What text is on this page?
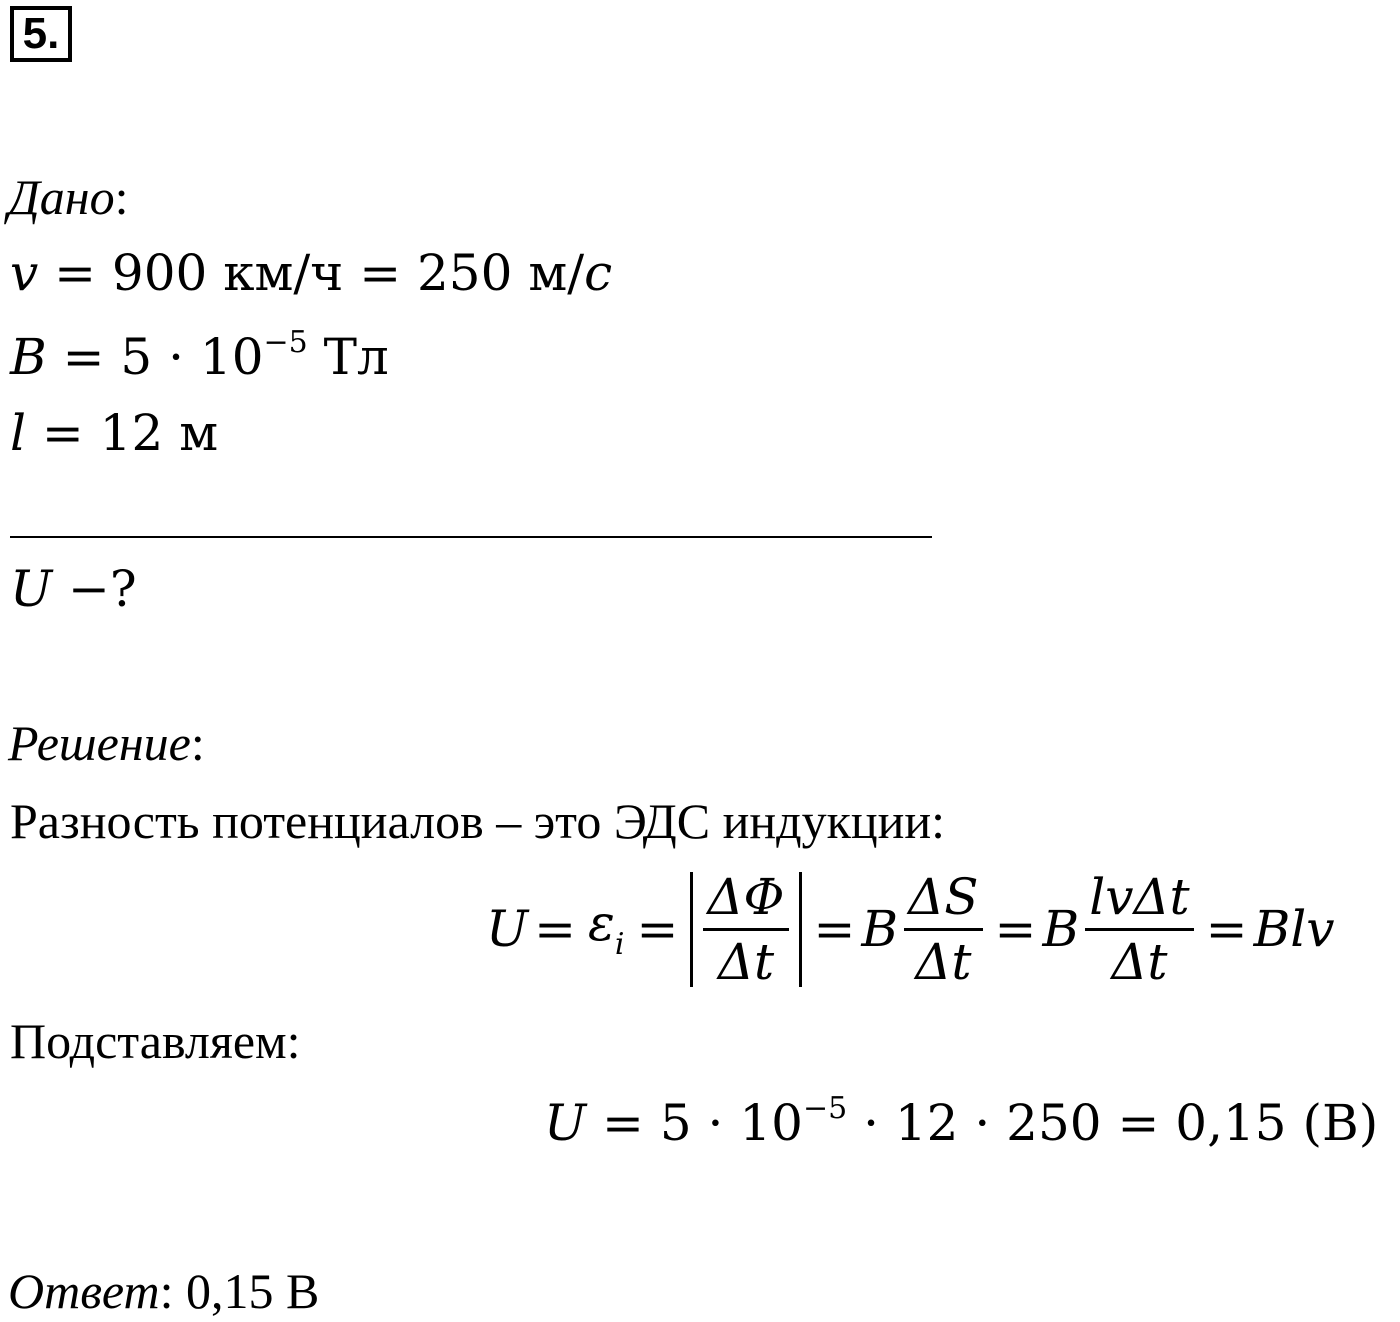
5.
Дано:
v = 900 км/ч = 250 м/с
$B = 5 \cdot 10^{-5}$ Тл
l = 12 м
U −?
Решение:
Разность потенциалов – это ЭДС индукции:
$U = \varepsilon_i = \frac{\Delta\Phi}{\Delta t} = B \frac{\Delta S}{\Delta t} = B \frac{\text{lvΔt}}{\Delta t}$ = Blv
Подставляем:
$U = 5 \cdot 10^{-5} \cdot 12 \cdot 250 = 0,15$ (В)
Ответ: 0,15 В
